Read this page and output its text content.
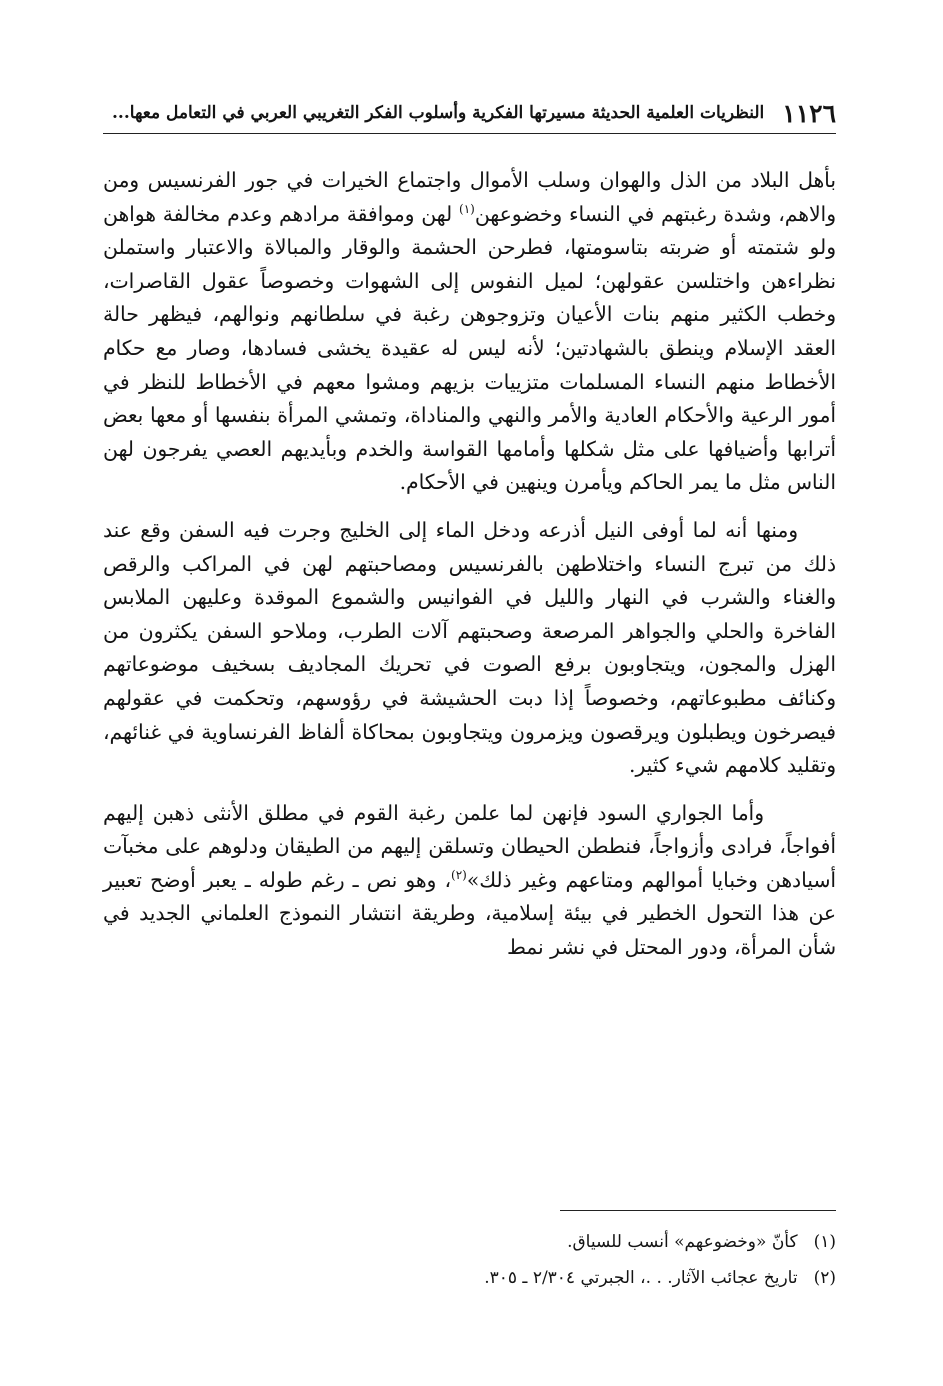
١١٢٦
النظريات العلمية الحديثة مسيرتها الفكرية وأسلوب الفكر التغريبي العربي في التعامل معها...

بأهل البلاد من الذل والهوان وسلب الأموال واجتماع الخيرات في جور الفرنسيس ومن والاهم، وشدة رغبتهم في النساء وخضوعهن$^{(١)}$ لهن وموافقة مرادهم وعدم مخالفة هواهن ولو شتمته أو ضربته بتاسومتها، فطرحن الحشمة والوقار والمبالاة والاعتبار واستملن نظراءهن واختلسن عقولهن؛ لميل النفوس إلى الشهوات وخصوصاً عقول القاصرات، وخطب الكثير منهم بنات الأعيان وتزوجوهن رغبة في سلطانهم ونوالهم، فيظهر حالة العقد الإسلام وينطق بالشهادتين؛ لأنه ليس له عقيدة يخشى فسادها، وصار مع حكام الأخطاط منهم النساء المسلمات متزييات بزيهم ومشوا معهم في الأخطاط للنظر في أمور الرعية والأحكام العادية والأمر والنهي والمناداة، وتمشي المرأة بنفسها أو معها بعض أترابها وأضيافها على مثل شكلها وأمامها القواسة والخدم وبأيديهم العصي يفرجون لهن الناس مثل ما يمر الحاكم ويأمرن وينهين في الأحكام.

ومنها أنه لما أوفى النيل أذرعه ودخل الماء إلى الخليج وجرت فيه السفن وقع عند ذلك من تبرج النساء واختلاطهن بالفرنسيس ومصاحبتهم لهن في المراكب والرقص والغناء والشرب في النهار والليل في الفوانيس والشموع الموقدة وعليهن الملابس الفاخرة والحلي والجواهر المرصعة وصحبتهم آلات الطرب، وملاحو السفن يكثرون من الهزل والمجون، ويتجاوبون برفع الصوت في تحريك المجاديف بسخيف موضوعاتهم وكنائف مطبوعاتهم، وخصوصاً إذا دبت الحشيشة في رؤوسهم، وتحكمت في عقولهم فيصرخون ويطبلون ويرقصون ويزمرون ويتجاوبون بمحاكاة ألفاظ الفرنساوية في غنائهم، وتقليد كلامهم شيء كثير.

وأما الجواري السود فإنهن لما علمن رغبة القوم في مطلق الأنثى ذهبن إليهم أفواجاً، فرادى وأزواجاً، فنططن الحيطان وتسلقن إليهم من الطيقان ودلوهم على مخبآت أسيادهن وخبايا أموالهم ومتاعهم وغير ذلك»$^{(٢)}$، وهو نص ـ رغم طوله ـ يعبر أوضح تعبير عن هذا التحول الخطير في بيئة إسلامية، وطريقة انتشار النموذج العلماني الجديد في شأن المرأة، ودور المحتل في نشر نمط

(١)
كأنّ «وخضوعهم» أنسب للسياق.
(٢)
تاريخ عجائب الآثار. . .، الجبرتي ٢/٣٠٤ ـ ٣٠٥.
